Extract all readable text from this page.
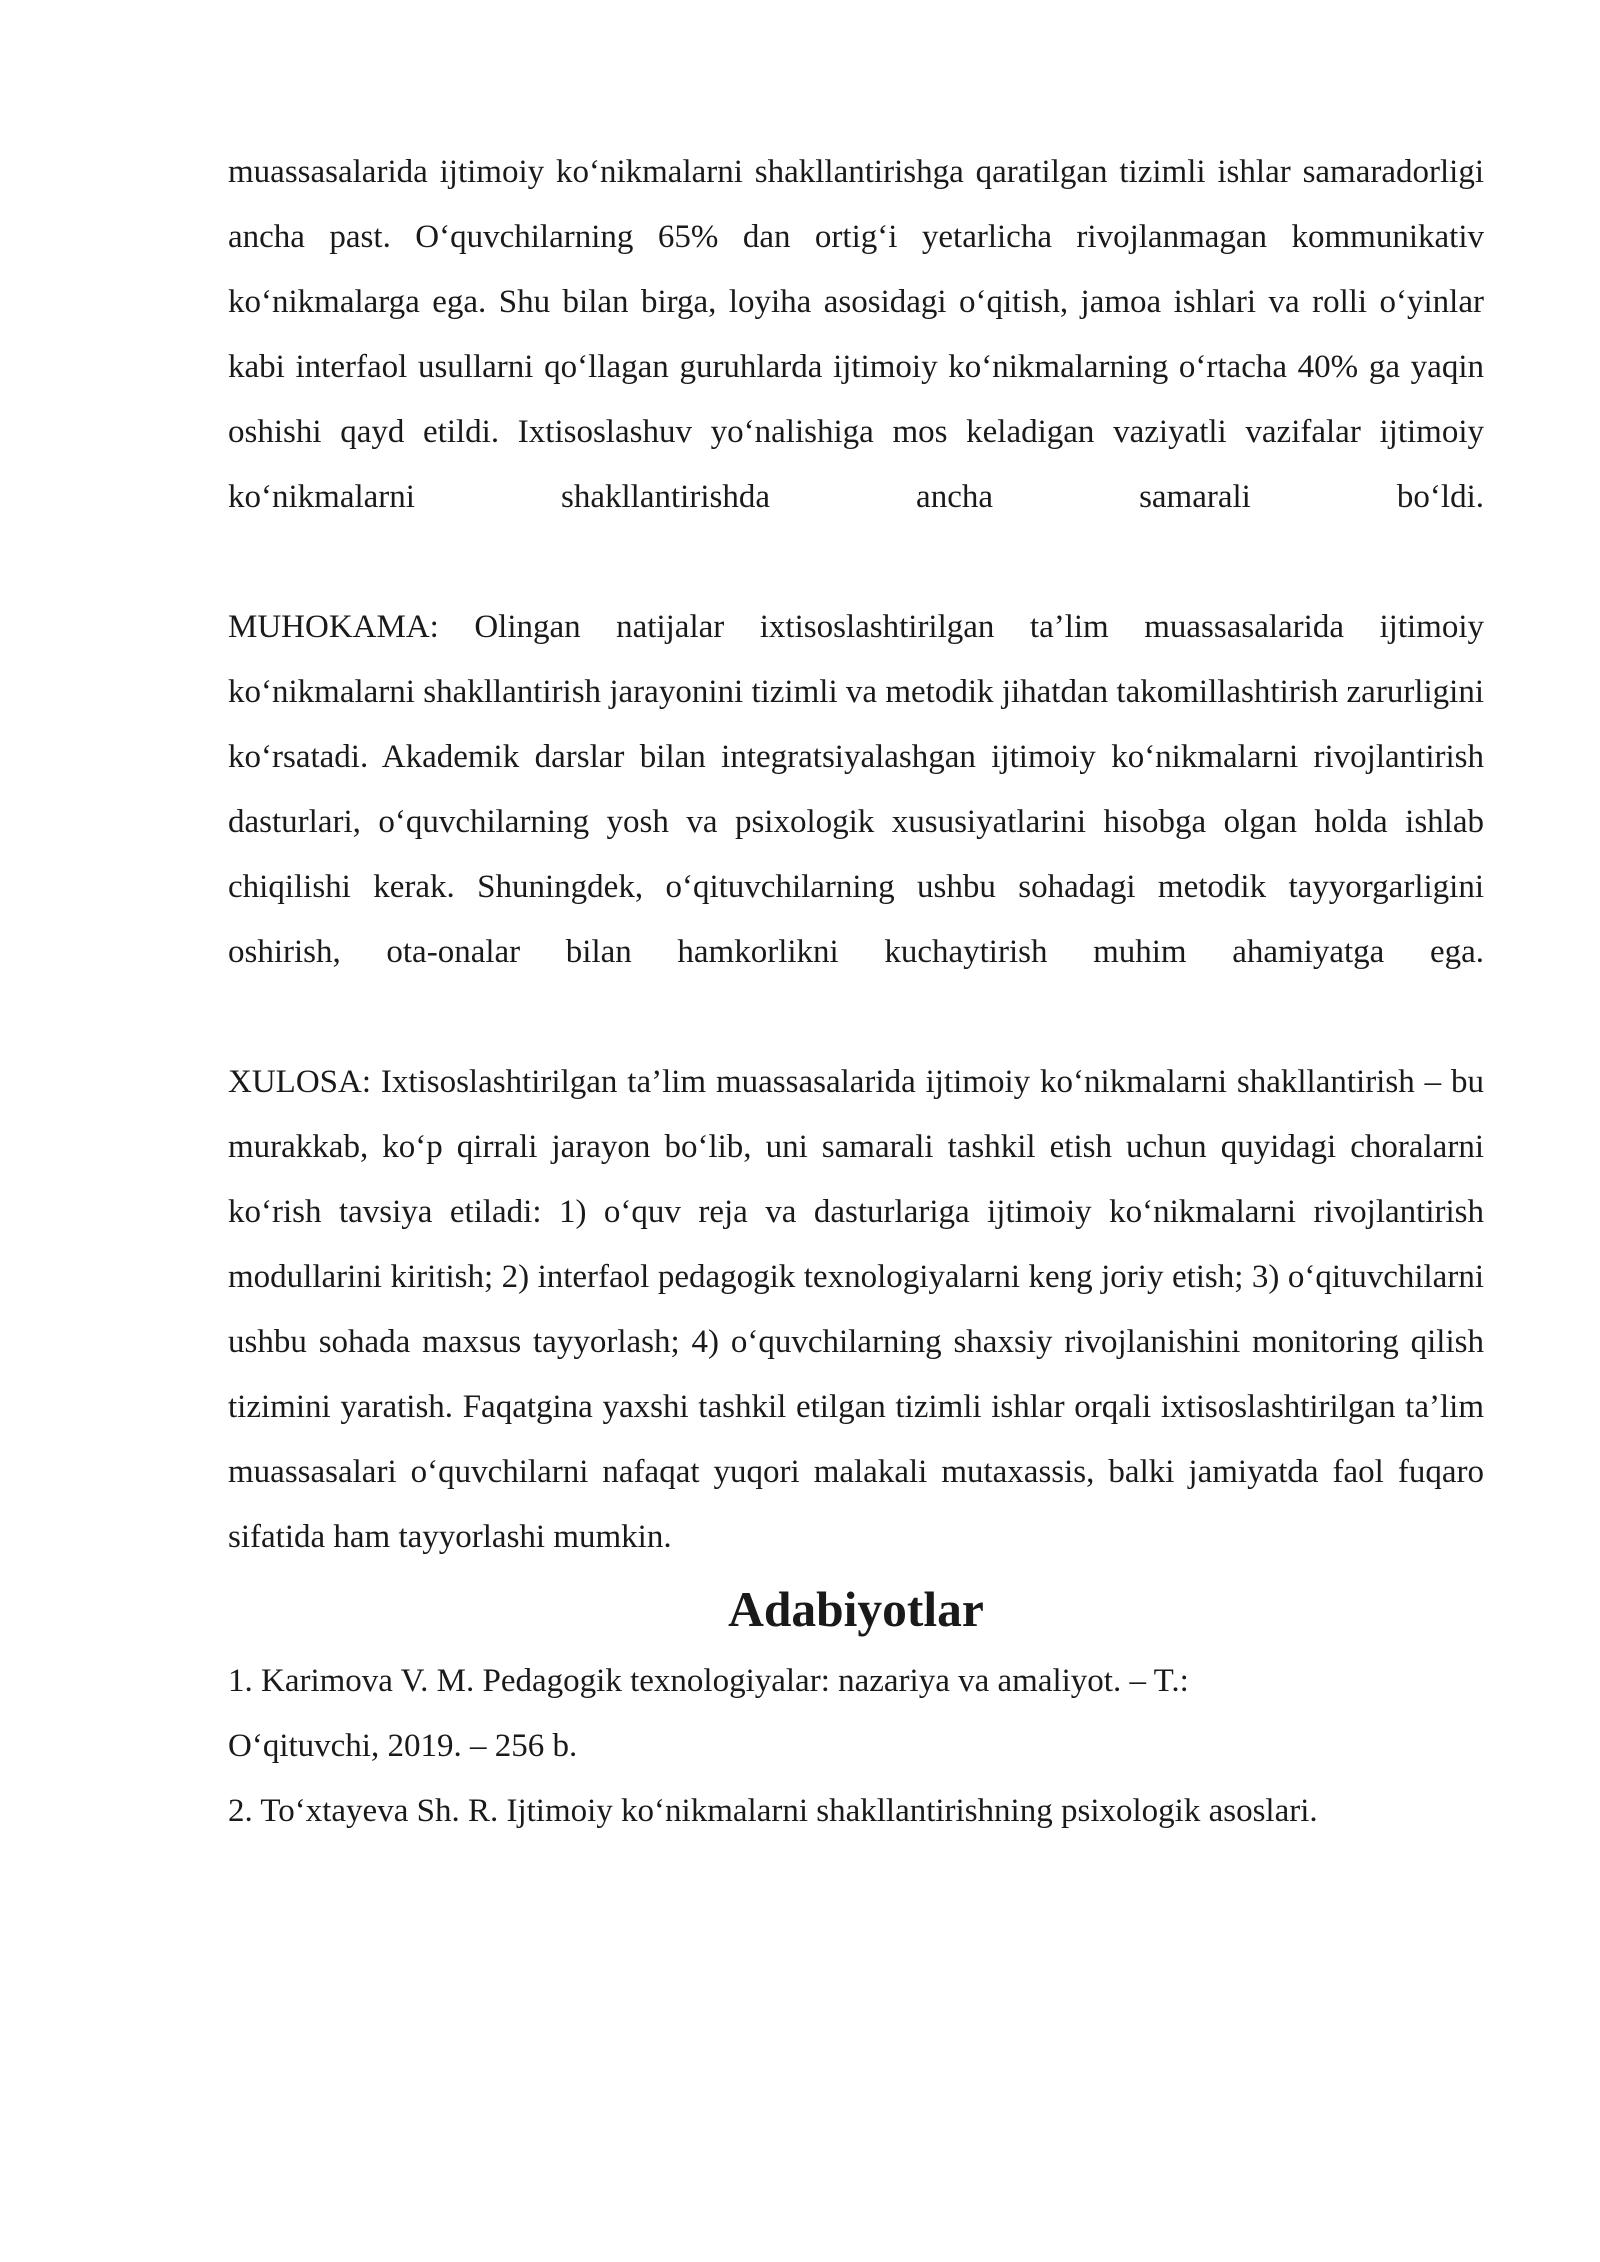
muassasalarida ijtimoiy ko‘nikmalarni shakllantirishga qaratilgan tizimli ishlar samaradorligi ancha past. O‘quvchilarning 65% dan ortig‘i yetarlicha rivojlanmagan kommunikativ ko‘nikmalarga ega. Shu bilan birga, loyiha asosidagi o‘qitish, jamoa ishlari va rolli o‘yinlar kabi interfaol usullarni qo‘llagan guruhlarda ijtimoiy ko‘nikmalarning o‘rtacha 40% ga yaqin oshishi qayd etildi. Ixtisoslashuv yo‘nalishiga mos keladigan vaziyatli vazifalar ijtimoiy ko‘nikmalarni shakllantirishda ancha samarali bo‘ldi.

MUHOKAMA: Olingan natijalar ixtisoslashtirilgan ta’lim muassasalarida ijtimoiy ko‘nikmalarni shakllantirish jarayonini tizimli va metodik jihatdan takomillashtirish zarurligini ko‘rsatadi. Akademik darslar bilan integratsiyalashgan ijtimoiy ko‘nikmalarni rivojlantirish dasturlari, o‘quvchilarning yosh va psixologik xususiyatlarini hisobga olgan holda ishlab chiqilishi kerak. Shuningdek, o‘qituvchilarning ushbu sohadagi metodik tayyorgarligini oshirish, ota-onalar bilan hamkorlikni kuchaytirish muhim ahamiyatga ega.

XULOSA: Ixtisoslashtirilgan ta’lim muassasalarida ijtimoiy ko‘nikmalarni shakllantirish – bu murakkab, ko‘p qirrali jarayon bo‘lib, uni samarali tashkil etish uchun quyidagi choralarni ko‘rish tavsiya etiladi: 1) o‘quv reja va dasturlariga ijtimoiy ko‘nikmalarni rivojlantirish modullarini kiritish; 2) interfaol pedagogik texnologiyalarni keng joriy etish; 3) o‘qituvchilarni ushbu sohada maxsus tayyorlash; 4) o‘quvchilarning shaxsiy rivojlanishini monitoring qilish tizimini yaratish. Faqatgina yaxshi tashkil etilgan tizimli ishlar orqali ixtisoslashtirilgan ta’lim muassasalari o‘quvchilarni nafaqat yuqori malakali mutaxassis, balki jamiyatda faol fuqaro sifatida ham tayyorlashi mumkin.

Adabiyotlar
1. Karimova V. M. Pedagogik texnologiyalar: nazariya va amaliyot. – T.:
O‘qituvchi, 2019. – 256 b.
2. To‘xtayeva Sh. R. Ijtimoiy ko‘nikmalarni shakllantirishning psixologik asoslari.
